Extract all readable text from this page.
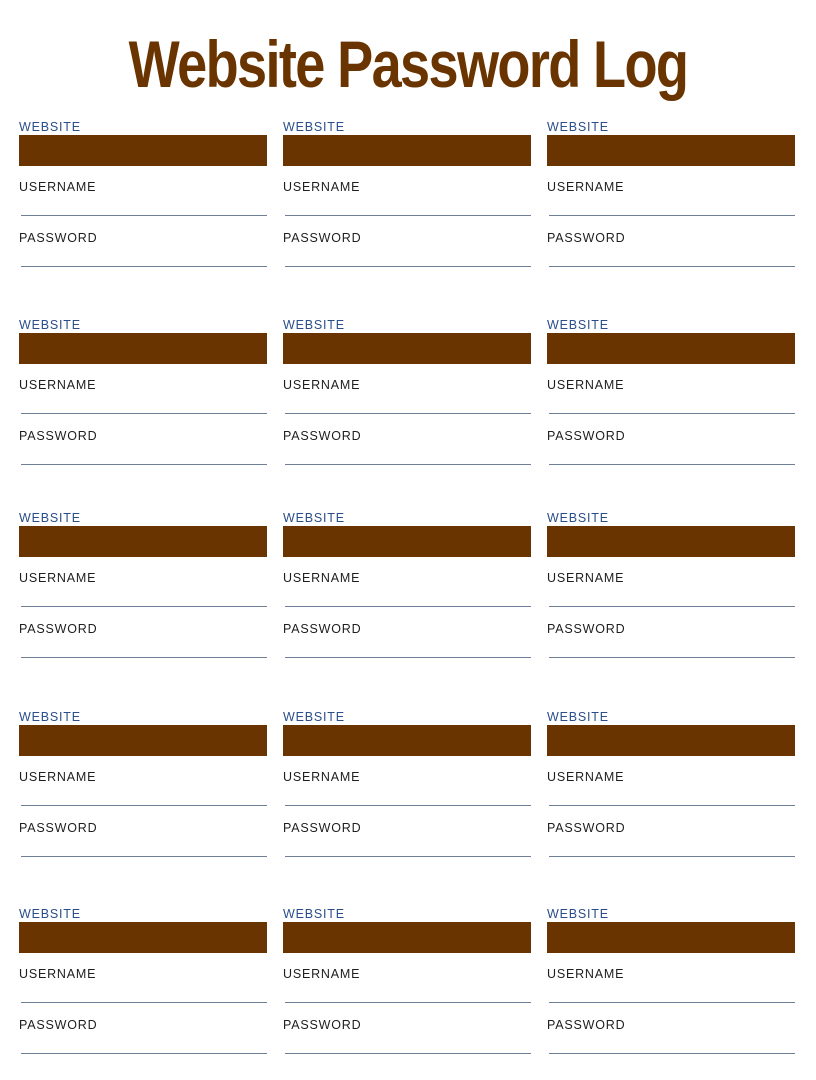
Website Password Log
WEBSITE
USERNAME
PASSWORD
WEBSITE
USERNAME
PASSWORD
WEBSITE
USERNAME
PASSWORD
WEBSITE
USERNAME
PASSWORD
WEBSITE
USERNAME
PASSWORD
WEBSITE
USERNAME
PASSWORD
WEBSITE
USERNAME
PASSWORD
WEBSITE
USERNAME
PASSWORD
WEBSITE
USERNAME
PASSWORD
WEBSITE
USERNAME
PASSWORD
WEBSITE
USERNAME
PASSWORD
WEBSITE
USERNAME
PASSWORD
WEBSITE
USERNAME
PASSWORD
WEBSITE
USERNAME
PASSWORD
WEBSITE
USERNAME
PASSWORD
